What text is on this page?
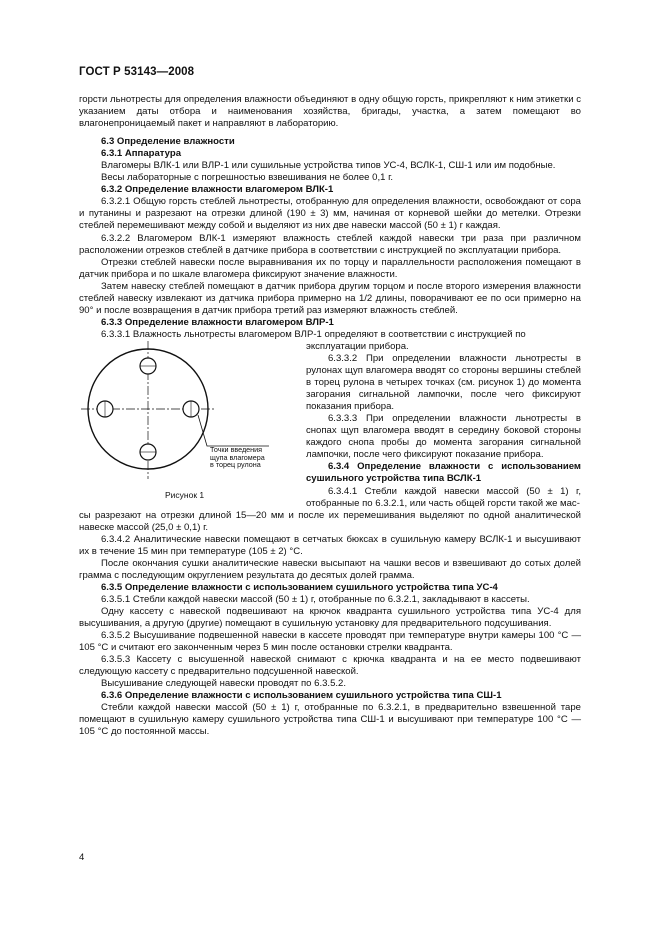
ГОСТ Р 53143—2008

горсти льнотресты для определения влажности объединяют в одну общую горсть, прикрепляют к ним этикетки с указанием даты отбора и наименования хозяйства, бригады, участка, а затем помещают во влагонепроницаемый пакет и направляют в лабораторию.

6.3 Определение влажности

6.3.1 Аппаратура

Влагомеры ВЛК-1 или ВЛР-1 или сушильные устройства типов УС-4, ВСЛК-1, СШ-1 или им подобные.

Весы лабораторные с погрешностью взвешивания не более 0,1 г.

6.3.2 Определение влажности влагомером ВЛК-1

6.3.2.1 Общую горсть стеблей льнотресты, отобранную для определения влажности, освобождают от сора и путанины и разрезают на отрезки длиной (190 ± 3) мм, начиная от корневой шейки до метелки. Отрезки стеблей перемешивают между собой и выделяют из них две навески массой (50 ± 1) г каждая.

6.3.2.2 Влагомером ВЛК-1 измеряют влажность стеблей каждой навески три раза при различном расположении отрезков стеблей в датчике прибора в соответствии с инструкцией по эксплуатации прибора.

Отрезки стеблей навески после выравнивания их по торцу и параллельности расположения помещают в датчик прибора и по шкале влагомера фиксируют значение влажности.

Затем навеску стеблей помещают в датчик прибора другим торцом и после второго измерения влажности стеблей навеску извлекают из датчика прибора примерно на 1/2 длины, поворачивают ее по оси примерно на 90° и после возвращения в датчик прибора третий раз измеряют влажность стеблей.

6.3.3 Определение влажности влагомером ВЛР-1

6.3.3.1 Влажность льнотресты влагомером ВЛР-1 определяют в соответствии с инструкцией по

Точки введения
щупа влагомера
в торец рулона
Рисунок 1

эксплуатации прибора.

6.3.3.2 При определении влажности льнотресты в рулонах щуп влагомера вводят со стороны вершины стеблей в торец рулона в четырех точках (см. рисунок 1) до момента загорания сигнальной лампочки, после чего фиксируют показания прибора.

6.3.3.3 При определении влажности льнотресты в снопах щуп влагомера вводят в середину боковой стороны каждого снопа пробы до момента загорания сигнальной лампочки, после чего фиксируют показание прибора.

6.3.4 Определение влажности с использованием сушильного устройства типа ВСЛК-1

6.3.4.1 Стебли каждой навески массой (50 ± 1) г, отобранные по 6.3.2.1, или часть общей горсти такой же мас-

сы разрезают на отрезки длиной 15—20 мм и после их перемешивания выделяют по одной аналитической навеске массой (25,0 ± 0,1) г.

6.3.4.2 Аналитические навески помещают в сетчатых бюксах в сушильную камеру ВСЛК-1 и высушивают их в течение 15 мин при температуре (105 ± 2) °С.

После окончания сушки аналитические навески высыпают на чашки весов и взвешивают до сотых долей грамма с последующим округлением результата до десятых долей грамма.

6.3.5 Определение влажности с использованием сушильного устройства типа УС-4

6.3.5.1 Стебли каждой навески массой (50 ± 1) г, отобранные по 6.3.2.1, закладывают в кассеты.

Одну кассету с навеской подвешивают на крючок квадранта сушильного устройства типа УС-4 для высушивания, а другую (другие) помещают в сушильную установку для предварительного подсушивания.

6.3.5.2 Высушивание подвешенной навески в кассете проводят при температуре внутри камеры 100 °С — 105 °С и считают его законченным через 5 мин после остановки стрелки квадранта.

6.3.5.3 Кассету с высушенной навеской снимают с крючка квадранта и на ее место подвешивают следующую кассету с предварительно подсушенной навеской.

Высушивание следующей навески проводят по 6.3.5.2.

6.3.6 Определение влажности с использованием сушильного устройства типа СШ-1

Стебли каждой навески массой (50 ± 1) г, отобранные по 6.3.2.1, в предварительно взвешенной таре помещают в сушильную камеру сушильного устройства типа СШ-1 и высушивают при температуре 100 °С — 105 °С до постоянной массы.

4
